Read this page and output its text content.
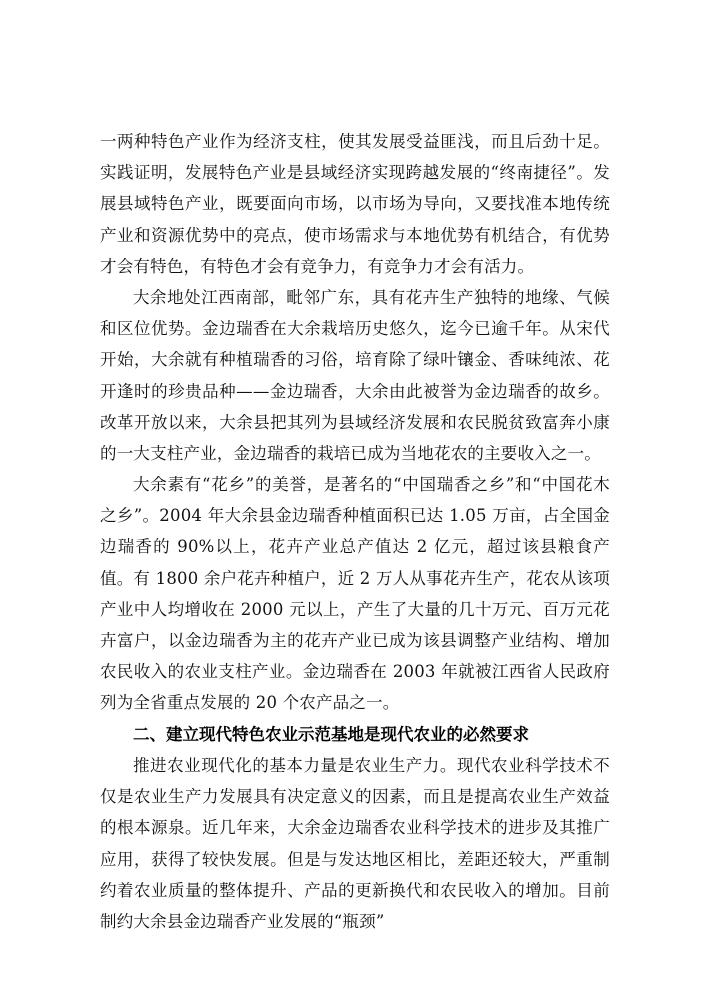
一两种特色产业作为经济支柱，使其发展受益匪浅，而且后劲十足。实践证明，发展特色产业是县域经济实现跨越发展的“终南捷径”。发展县域特色产业，既要面向市场，以市场为导向，又要找准本地传统产业和资源优势中的亮点，使市场需求与本地优势有机结合，有优势才会有特色，有特色才会有竞争力，有竞争力才会有活力。

大余地处江西南部，毗邻广东，具有花卉生产独特的地缘、气候和区位优势。金边瑞香在大余栽培历史悠久，迄今已逾千年。从宋代开始，大余就有种植瑞香的习俗，培育除了绿叶镶金、香味纯浓、花开逢时的珍贵品种——金边瑞香，大余由此被誉为金边瑞香的故乡。改革开放以来，大余县把其列为县域经济发展和农民脱贫致富奔小康的一大支柱产业，金边瑞香的栽培已成为当地花农的主要收入之一。

大余素有“花乡”的美誉，是著名的“中国瑞香之乡”和“中国花木之乡”。2004 年大余县金边瑞香种植面积已达 1.05 万亩，占全国金边瑞香的 90%以上，花卉产业总产值达 2 亿元，超过该县粮食产值。有 1800 余户花卉种植户，近 2 万人从事花卉生产，花农从该项产业中人均增收在 2000 元以上，产生了大量的几十万元、百万元花卉富户，以金边瑞香为主的花卉产业已成为该县调整产业结构、增加农民收入的农业支柱产业。金边瑞香在 2003 年就被江西省人民政府列为全省重点发展的 20 个农产品之一。

二、建立现代特色农业示范基地是现代农业的必然要求

推进农业现代化的基本力量是农业生产力。现代农业科学技术不仅是农业生产力发展具有决定意义的因素，而且是提高农业生产效益的根本源泉。近几年来，大余金边瑞香农业科学技术的进步及其推广应用，获得了较快发展。但是与发达地区相比，差距还较大，严重制约着农业质量的整体提升、产品的更新换代和农民收入的增加。目前制约大余县金边瑞香产业发展的“瓶颈”
